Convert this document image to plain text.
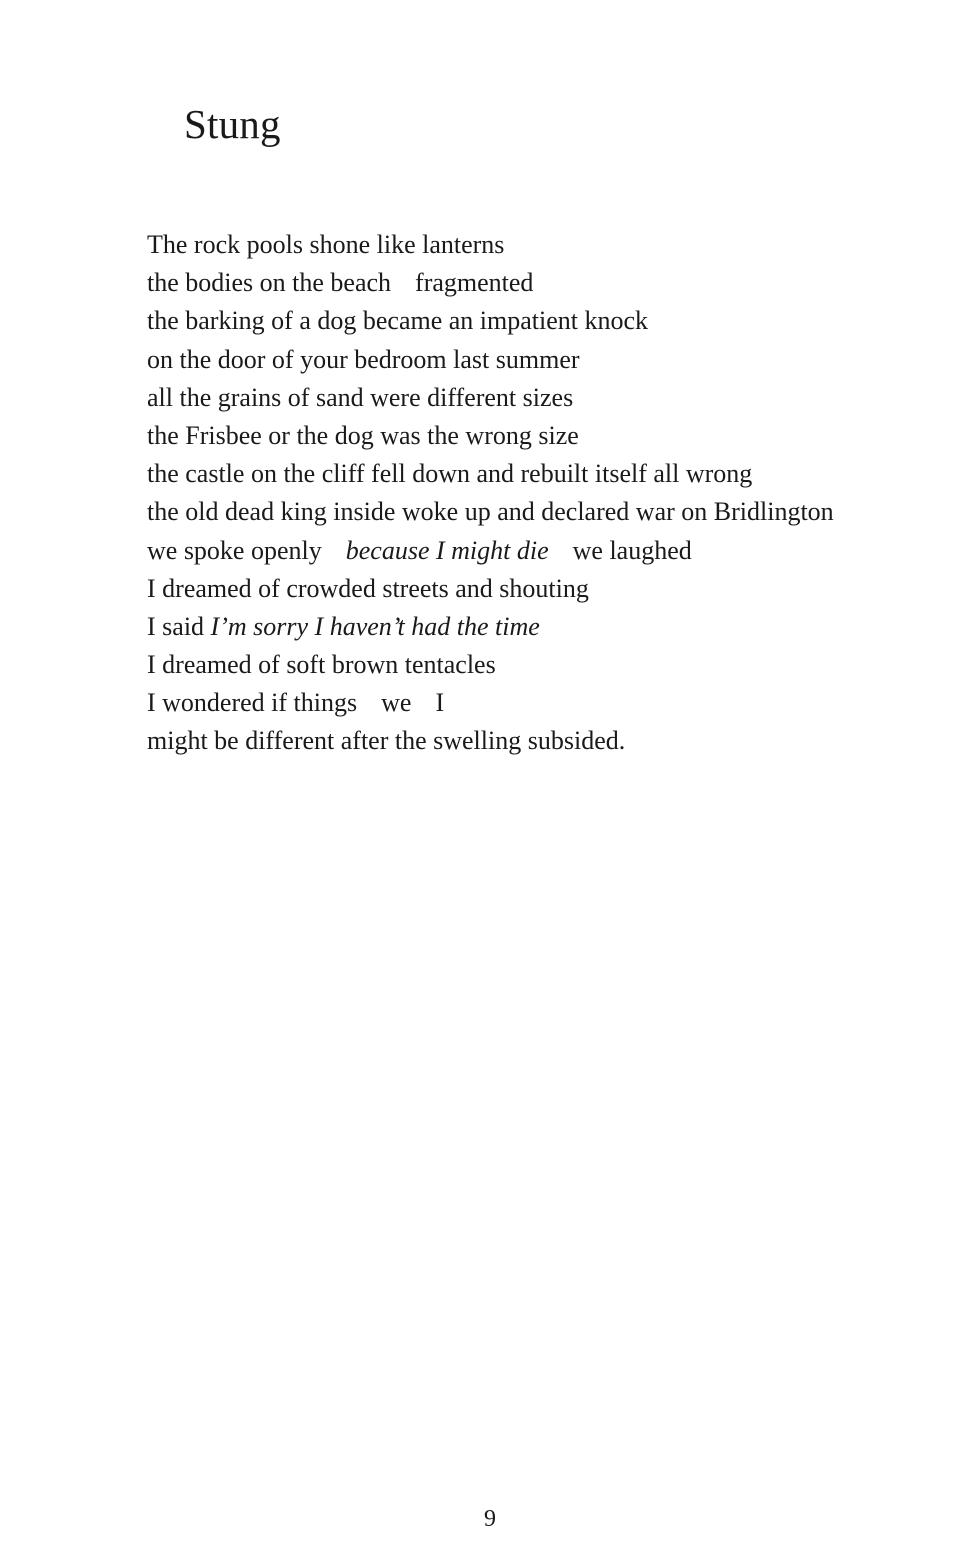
Stung
The rock pools shone like lanterns
the bodies on the beach fragmented
the barking of a dog became an impatient knock
on the door of your bedroom last summer
all the grains of sand were different sizes
the Frisbee or the dog was the wrong size
the castle on the cliff fell down and rebuilt itself all wrong
the old dead king inside woke up and declared war on Bridlington
we spoke openly because I might die we laughed
I dreamed of crowded streets and shouting
I said I’m sorry I haven’t had the time
I dreamed of soft brown tentacles
I wondered if things we I
might be different after the swelling subsided.
9
